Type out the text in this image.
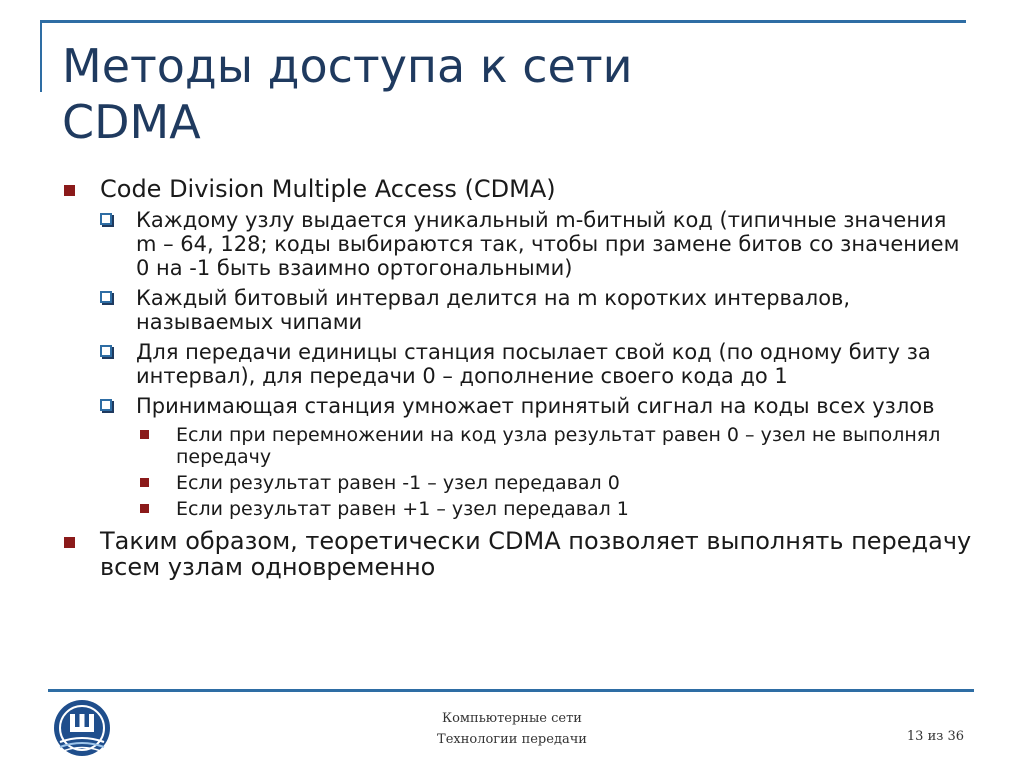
Методы доступа к сети
CDMA
Code Division Multiple Access (CDMA)
Каждому узлу выдается уникальный m-битный код (типичные значения m – 64, 128; коды выбираются так, чтобы при замене битов со значением 0 на -1 быть взаимно ортогональными)
Каждый битовый интервал делится на m коротких интервалов, называемых чипами
Для передачи единицы станция посылает свой код (по одному биту за интервал), для передачи 0 – дополнение своего кода до 1
Принимающая станция умножает принятый сигнал на коды всех узлов
Если при перемножении на код узла результат равен 0 – узел не выполнял передачу
Если результат равен -1 – узел передавал 0
Если результат равен +1 – узел передавал 1
Таким образом, теоретически CDMA позволяет выполнять передачу всем узлам одновременно
Компьютерные сети
Технологии передачи	13 из 36
